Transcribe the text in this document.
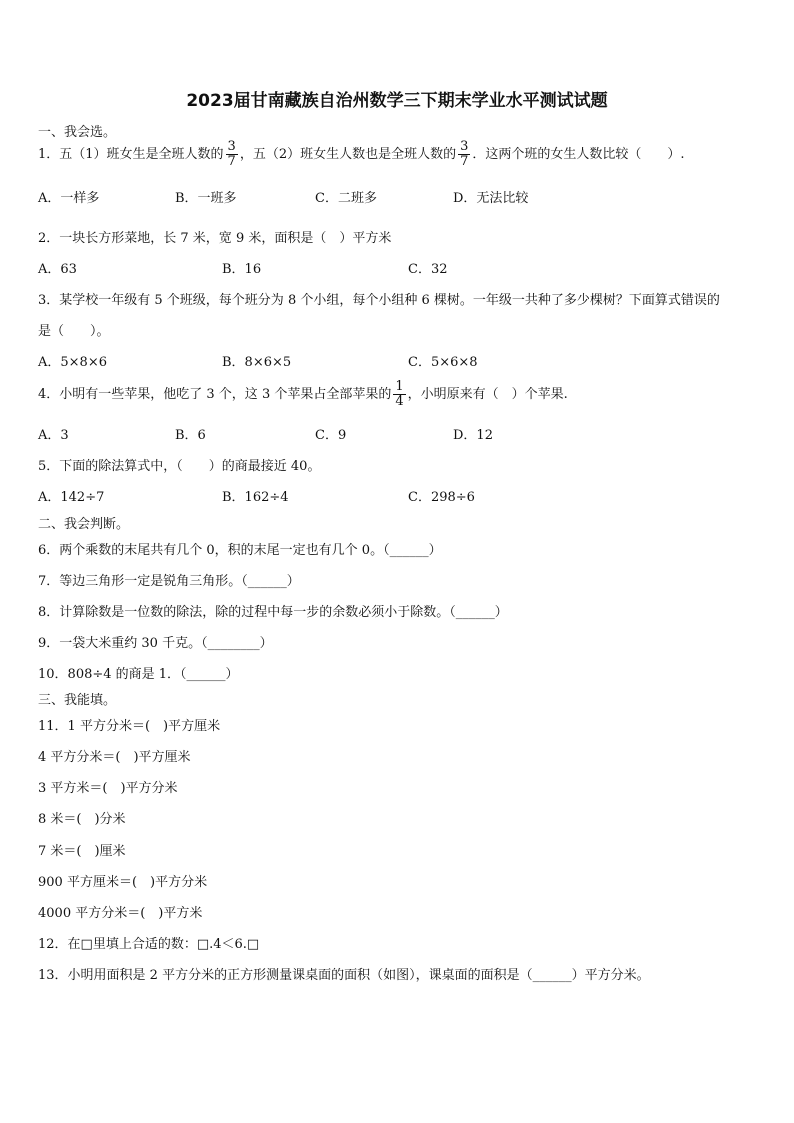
2023届甘南藏族自治州数学三下期末学业水平测试试题
一、我会选。
1．五（1）班女生是全班人数的 $\frac{3}{7}$ ，五（2）班女生人数也是全班人数的 $\frac{3}{7}$ ．这两个班的女生人数比较（　　）.
A．一样多	B．一班多	C．二班多	D．无法比较
2．一块长方形菜地，长 7 米，宽 9 米，面积是（　）平方米
A．63	B．16	C．32
3．某学校一年级有 5 个班级，每个班分为 8 个小组，每个小组种 6 棵树。一年级一共种了多少棵树？下面算式错误的
是（　　）。
A．5×8×6	B．8×6×5	C．5×6×8
4．小明有一些苹果，他吃了 3 个，这 3 个苹果占全部苹果的 $\frac{1}{4}$ ，小明原来有（　）个苹果.
A．3	B．6	C．9	D．12
5．下面的除法算式中，（　　）的商最接近 40。
A．142÷7	B．162÷4	C．298÷6
二、我会判断。
6．两个乘数的末尾共有几个 0，积的末尾一定也有几个 0。（______）
7．等边三角形一定是锐角三角形。（______）
8．计算除数是一位数的除法，除的过程中每一步的余数必须小于除数。（______）
9．一袋大米重约 30 千克。（________）
10．808÷4 的商是 1．（______）
三、我能填。
11．1 平方分米＝(　)平方厘米
4 平方分米＝(　)平方厘米
3 平方米＝(　)平方分米
8 米＝(　)分米
7 米＝(　)厘米
900 平方厘米＝(　)平方分米
4000 平方分米＝(　)平方米
12．在□里填上合适的数：□.4＜6.□
13．小明用面积是 2 平方分米的正方形测量课桌面的面积（如图），课桌面的面积是（______）平方分米。
